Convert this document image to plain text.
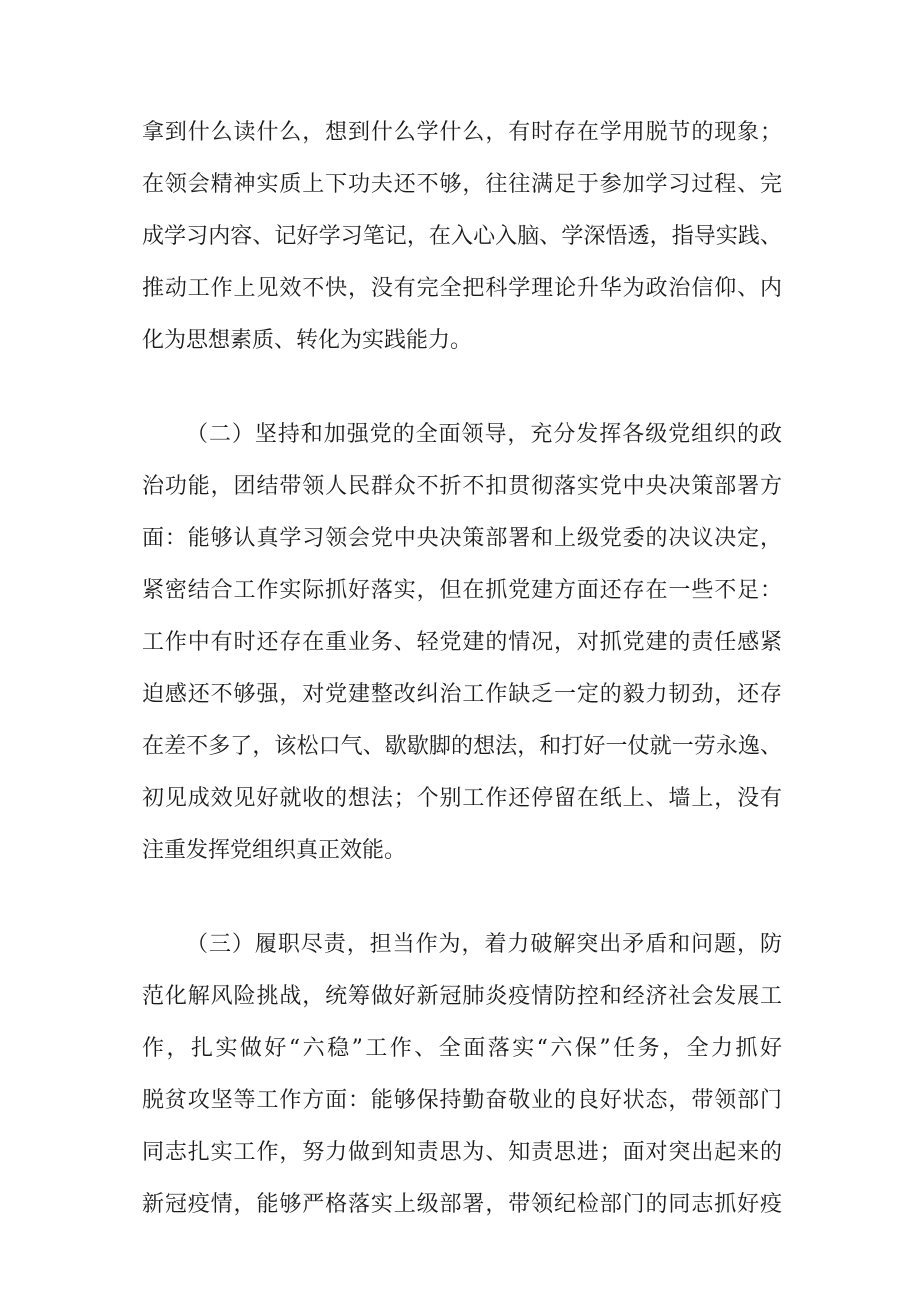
拿到什么读什么，想到什么学什么，有时存在学用脱节的现象；
在领会精神实质上下功夫还不够，往往满足于参加学习过程、完
成学习内容、记好学习笔记，在入心入脑、学深悟透，指导实践、
推动工作上见效不快，没有完全把科学理论升华为政治信仰、内
化为思想素质、转化为实践能力。
（二）坚持和加强党的全面领导，充分发挥各级党组织的政
治功能，团结带领人民群众不折不扣贯彻落实党中央决策部署方
面：能够认真学习领会党中央决策部署和上级党委的决议决定，
紧密结合工作实际抓好落实，但在抓党建方面还存在一些不足：
工作中有时还存在重业务、轻党建的情况，对抓党建的责任感紧
迫感还不够强，对党建整改纠治工作缺乏一定的毅力韧劲，还存
在差不多了，该松口气、歇歇脚的想法，和打好一仗就一劳永逸、
初见成效见好就收的想法；个别工作还停留在纸上、墙上，没有
注重发挥党组织真正效能。
（三）履职尽责，担当作为，着力破解突出矛盾和问题，防
范化解风险挑战，统筹做好新冠肺炎疫情防控和经济社会发展工
作，扎实做好“六稳”工作、全面落实“六保”任务，全力抓好
脱贫攻坚等工作方面：能够保持勤奋敬业的良好状态，带领部门
同志扎实工作，努力做到知责思为、知责思进；面对突出起来的
新冠疫情，能够严格落实上级部署，带领纪检部门的同志抓好疫
